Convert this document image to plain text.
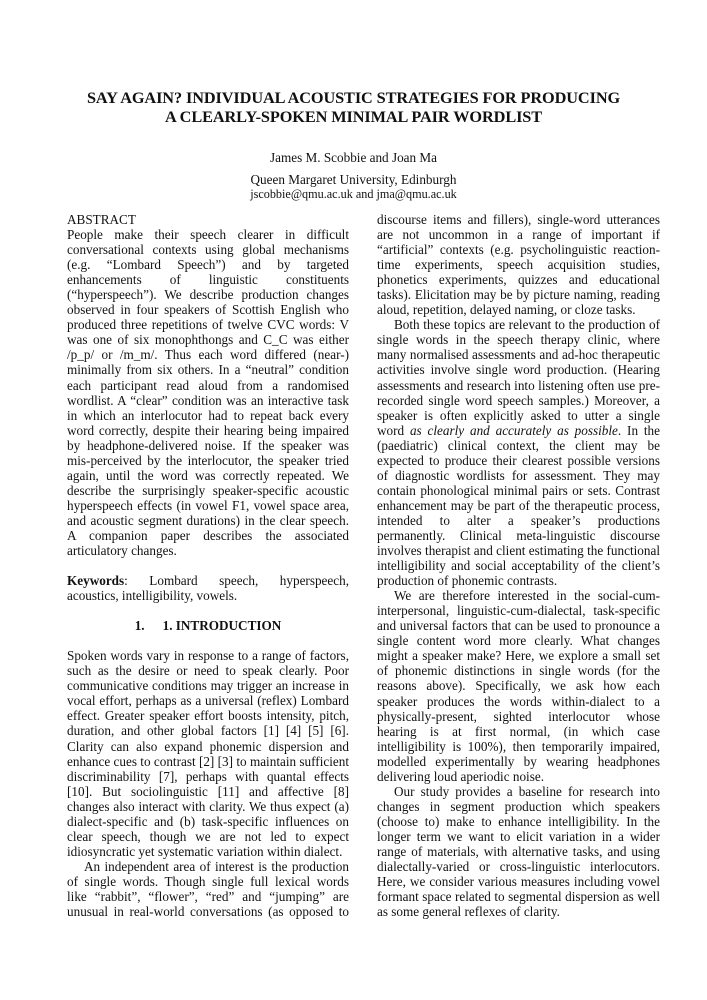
SAY AGAIN? INDIVIDUAL ACOUSTIC STRATEGIES FOR PRODUCING
A CLEARLY-SPOKEN MINIMAL PAIR WORDLIST
James M. Scobbie and Joan Ma
Queen Margaret University, Edinburgh
jscobbie@qmu.ac.uk and jma@qmu.ac.uk

ABSTRACT

People make their speech clearer in difficult conversational contexts using global mechanisms (e.g. “Lombard Speech”) and by targeted enhancements of linguistic constituents (“hyperspeech”). We describe production changes observed in four speakers of Scottish English who produced three repetitions of twelve CVC words: V was one of six monophthongs and C_C was either /p_p/ or /m_m/. Thus each word differed (near-) minimally from six others. In a “neutral” condition each participant read aloud from a randomised wordlist. A “clear” condition was an interactive task in which an interlocutor had to repeat back every word correctly, despite their hearing being impaired by headphone-delivered noise. If the speaker was mis-perceived by the interlocutor, the speaker tried again, until the word was correctly repeated. We describe the surprisingly speaker-specific acoustic hyperspeech effects (in vowel F1, vowel space area, and acoustic segment durations) in the clear speech. A companion paper describes the associated articulatory changes.

Keywords: Lombard speech, hyperspeech, acoustics, intelligibility, vowels.

1. 1. INTRODUCTION

Spoken words vary in response to a range of factors, such as the desire or need to speak clearly. Poor communicative conditions may trigger an increase in vocal effort, perhaps as a universal (reflex) Lombard effect. Greater speaker effort boosts intensity, pitch, duration, and other global factors [1] [4] [5] [6]. Clarity can also expand phonemic dispersion and enhance cues to contrast [2] [3] to maintain sufficient discriminability [7], perhaps with quantal effects [10]. But sociolinguistic [11] and affective [8] changes also interact with clarity. We thus expect (a) dialect-specific and (b) task-specific influences on clear speech, though we are not led to expect idiosyncratic yet systematic variation within dialect.

An independent area of interest is the production of single words. Though single full lexical words like “rabbit”, “flower”, “red” and “jumping” are unusual in real-world conversations (as opposed to

discourse items and fillers), single-word utterances are not uncommon in a range of important if “artificial” contexts (e.g. psycholinguistic reaction-time experiments, speech acquisition studies, phonetics experiments, quizzes and educational tasks). Elicitation may be by picture naming, reading aloud, repetition, delayed naming, or cloze tasks.

Both these topics are relevant to the production of single words in the speech therapy clinic, where many normalised assessments and ad-hoc therapeutic activities involve single word production. (Hearing assessments and research into listening often use pre-recorded single word speech samples.) Moreover, a speaker is often explicitly asked to utter a single word as clearly and accurately as possible. In the (paediatric) clinical context, the client may be expected to produce their clearest possible versions of diagnostic wordlists for assessment. They may contain phonological minimal pairs or sets. Contrast enhancement may be part of the therapeutic process, intended to alter a speaker’s productions permanently. Clinical meta-linguistic discourse involves therapist and client estimating the functional intelligibility and social acceptability of the client’s production of phonemic contrasts.

We are therefore interested in the social-cum-interpersonal, linguistic-cum-dialectal, task-specific and universal factors that can be used to pronounce a single content word more clearly. What changes might a speaker make? Here, we explore a small set of phonemic distinctions in single words (for the reasons above). Specifically, we ask how each speaker produces the words within-dialect to a physically-present, sighted interlocutor whose hearing is at first normal, (in which case intelligibility is 100%), then temporarily impaired, modelled experimentally by wearing headphones delivering loud aperiodic noise.

Our study provides a baseline for research into changes in segment production which speakers (choose to) make to enhance intelligibility. In the longer term we want to elicit variation in a wider range of materials, with alternative tasks, and using dialectally-varied or cross-linguistic interlocutors. Here, we consider various measures including vowel formant space related to segmental dispersion as well as some general reflexes of clarity.
